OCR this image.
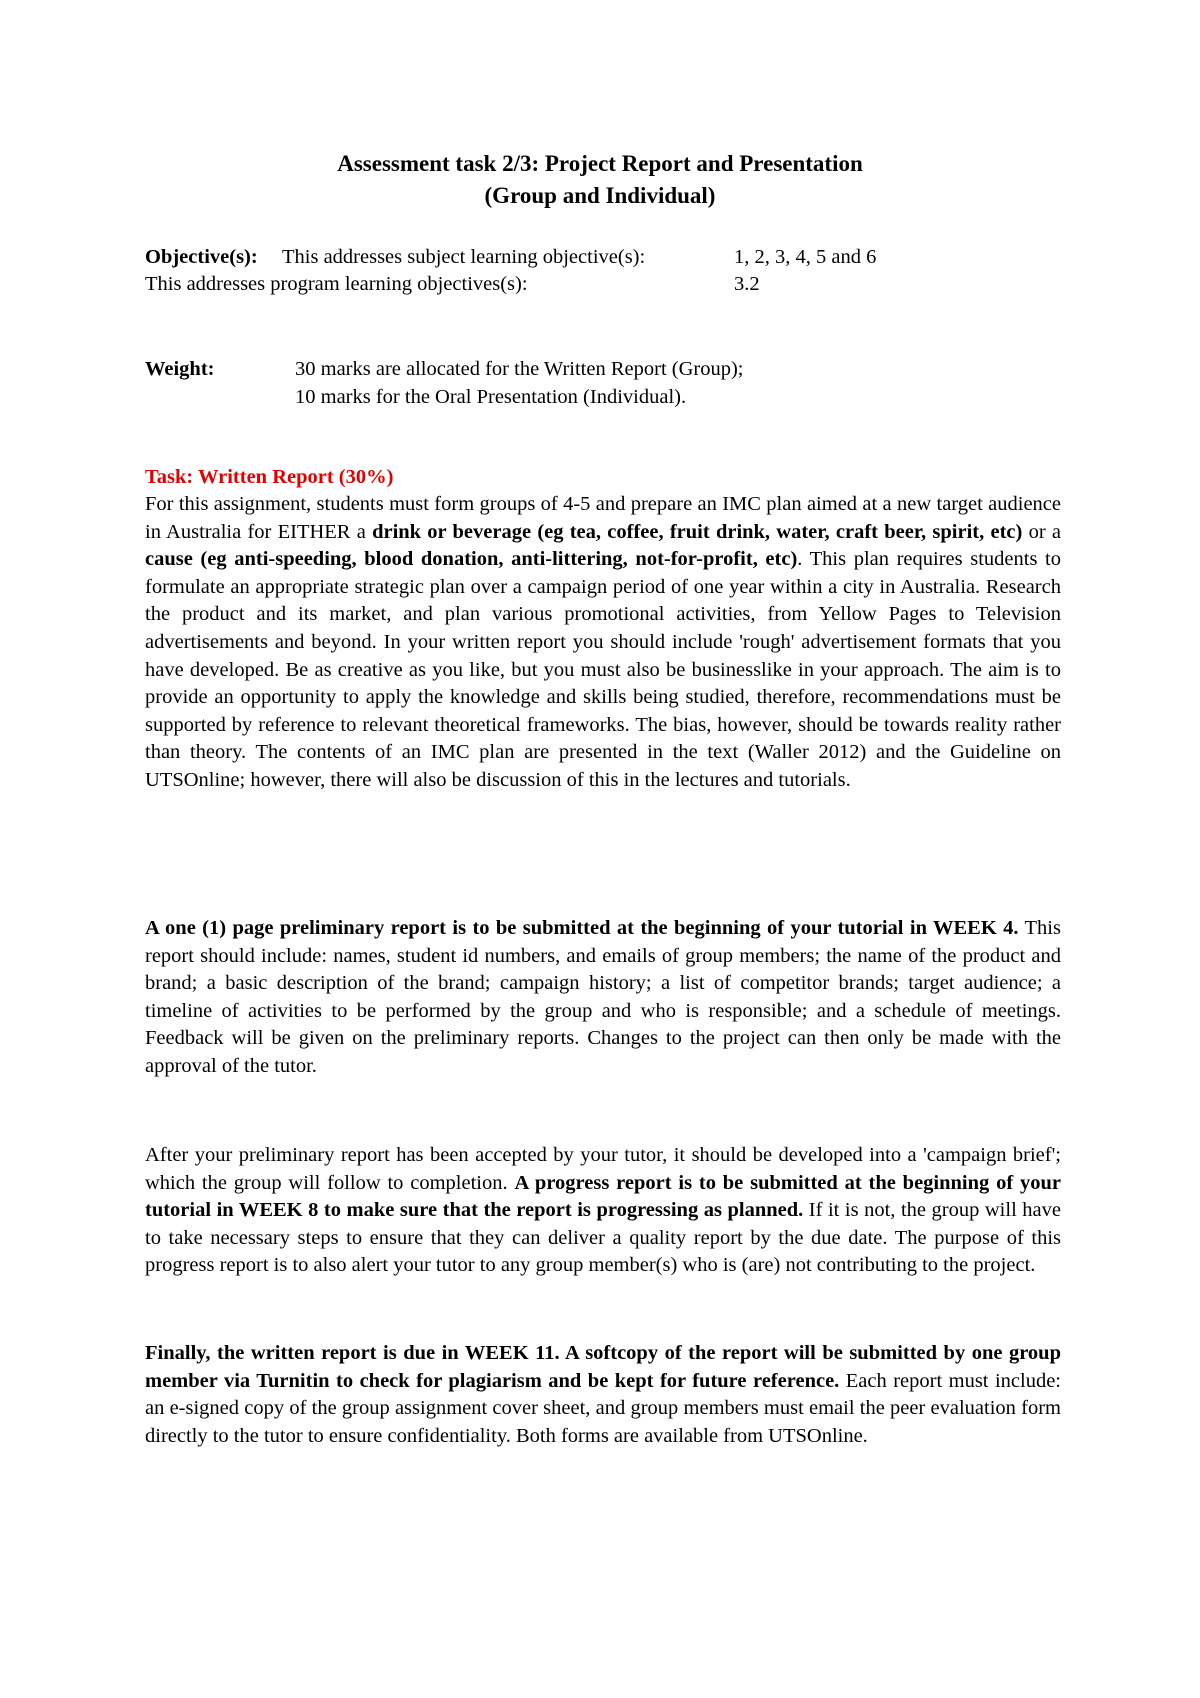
Assessment task 2/3: Project Report and Presentation
(Group and Individual)
Objective(s): This addresses subject learning objective(s):	1, 2, 3, 4, 5 and 6
This addresses program learning objectives(s):	3.2
Weight:	30 marks are allocated for the Written Report (Group);
10 marks for the Oral Presentation (Individual).
Task: Written Report (30%)
For this assignment, students must form groups of 4-5 and prepare an IMC plan aimed at a new target audience in Australia for EITHER a drink or beverage (eg tea, coffee, fruit drink, water, craft beer, spirit, etc) or a cause (eg anti-speeding, blood donation, anti-littering, not-for-profit, etc). This plan requires students to formulate an appropriate strategic plan over a campaign period of one year within a city in Australia. Research the product and its market, and plan various promotional activities, from Yellow Pages to Television advertisements and beyond. In your written report you should include 'rough' advertisement formats that you have developed. Be as creative as you like, but you must also be businesslike in your approach. The aim is to provide an opportunity to apply the knowledge and skills being studied, therefore, recommendations must be supported by reference to relevant theoretical frameworks. The bias, however, should be towards reality rather than theory. The contents of an IMC plan are presented in the text (Waller 2012) and the Guideline on UTSOnline; however, there will also be discussion of this in the lectures and tutorials.
A one (1) page preliminary report is to be submitted at the beginning of your tutorial in WEEK 4. This report should include: names, student id numbers, and emails of group members; the name of the product and brand; a basic description of the brand; campaign history; a list of competitor brands; target audience; a timeline of activities to be performed by the group and who is responsible; and a schedule of meetings. Feedback will be given on the preliminary reports. Changes to the project can then only be made with the approval of the tutor.
After your preliminary report has been accepted by your tutor, it should be developed into a 'campaign brief'; which the group will follow to completion. A progress report is to be submitted at the beginning of your tutorial in WEEK 8 to make sure that the report is progressing as planned. If it is not, the group will have to take necessary steps to ensure that they can deliver a quality report by the due date. The purpose of this progress report is to also alert your tutor to any group member(s) who is (are) not contributing to the project.
Finally, the written report is due in WEEK 11. A softcopy of the report will be submitted by one group member via Turnitin to check for plagiarism and be kept for future reference. Each report must include: an e-signed copy of the group assignment cover sheet, and group members must email the peer evaluation form directly to the tutor to ensure confidentiality. Both forms are available from UTSOnline.
